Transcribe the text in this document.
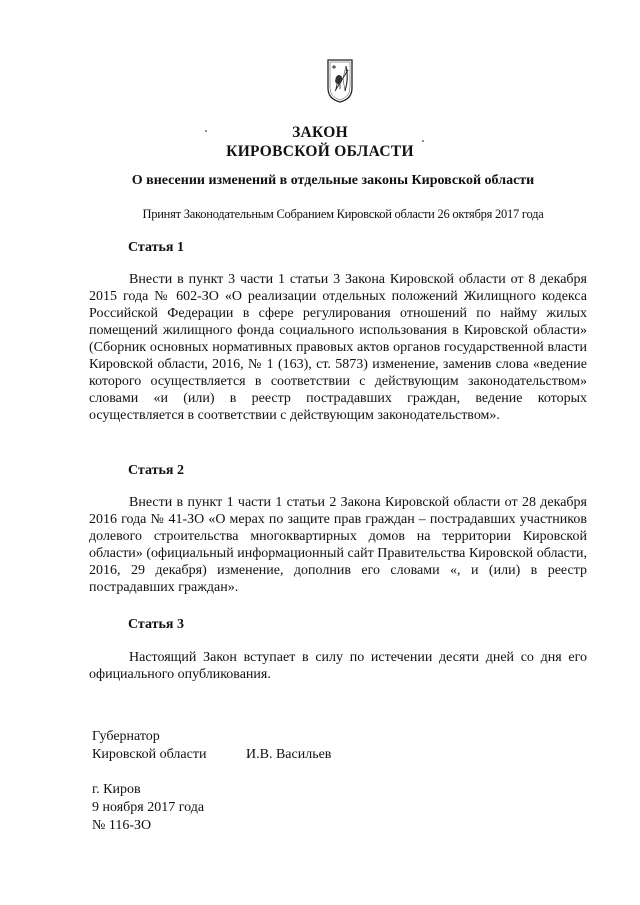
ЗАКОН
КИРОВСКОЙ ОБЛАСТИ
О внесении изменений в отдельные законы Кировской области
Принят Законодательным Собранием Кировской области 26 октября 2017 года
Статья 1

Внести в пункт 3 части 1 статьи 3 Закона Кировской области от 8 декабря 2015 года № 602-ЗО «О реализации отдельных положений Жилищного кодекса Российской Федерации в сфере регулирования отношений по найму жилых помещений жилищного фонда социального использования в Кировской области» (Сборник основных нормативных правовых актов органов государственной власти Кировской области, 2016, № 1 (163), ст. 5873) изменение, заменив слова «ведение которого осуществляется в соответствии с действующим законодательством» словами «и (или) в реестр пострадавших граждан, ведение которых осуществляется в соответствии с действующим законодательством».

Статья 2

Внести в пункт 1 части 1 статьи 2 Закона Кировской области от 28 декабря 2016 года № 41-ЗО «О мерах по защите прав граждан – пострадавших участников долевого строительства многоквартирных домов на территории Кировской области» (официальный информационный сайт Правительства Кировской области, 2016, 29 декабря) изменение, дополнив его словами «, и (или) в реестр пострадавших граждан».

Статья 3

Настоящий Закон вступает в силу по истечении десяти дней со дня его официального опубликования.

Губернатор
Кировской области	И.В. Васильев
г. Киров
9 ноября 2017 года
№ 116-ЗО
